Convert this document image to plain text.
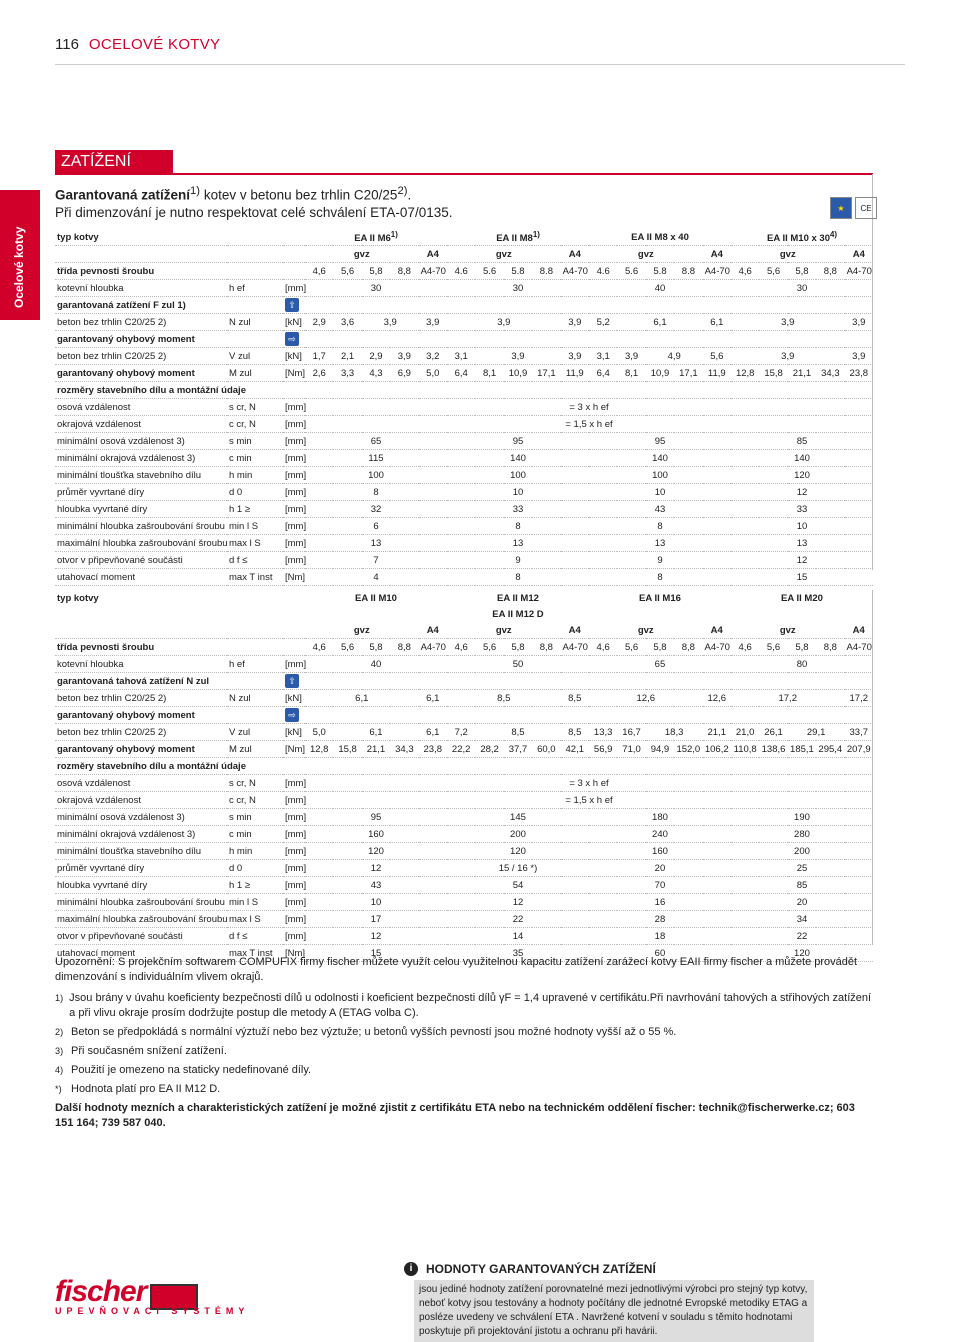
116 OCELOVÉ KOTVY
Ocelové kotvy
ZATÍŽENÍ
Garantovaná zatížení$^{1)}$ kotev v betonu bez trhlin C20/25$^{2)}$.
Při dimenzování je nutno respektovat celé schválení ETA-07/0135.	★	CE
typ kotvy			EA II M6$^{1)}$					EA II M8$^{1)}$					EA II M8 x 40					EA II M10 x 30$^{4)}$
			gvz				A4	gvz				A4	gvz				A4	gvz				A4
třída pevnosti šroubu			4,6	5,6	5,8	8,8	A4-70	4.6	5.6	5.8	8.8	A4-70	4.6	5.6	5.8	8.8	A4-70	4,6	5,6	5,8	8,8	A4-70
kotevní hloubka	h ef	[mm]	30					30					40					30				
garantovaná zatížení F zul 1)		⇧																				
beton bez trhlin C20/25 2)	N zul	[kN]	2,9	3,6	3,9		3,9	3,9				3,9	5,2	6,1			6,1	3,9				3,9
garantovaný ohybový moment		⇨																				
beton bez trhlin C20/25 2)	V zul	[kN]	1,7	2,1	2,9	3,9	3,2	3,1	3,9			3,9	3,1	3,9	4,9		5,6	3,9				3,9
garantovaný ohybový moment	M zul	[Nm]	2,6	3,3	4,3	6,9	5,0	6,4	8,1	10,9	17,1	11,9	6,4	8,1	10,9	17,1	11,9	12,8	15,8	21,1	34,3	23,8
rozměry stavebního dílu a montážní údaje																						
osová vzdálenost	s cr, N	[mm]	= 3 x h ef																			
okrajová vzdálenost	c cr, N	[mm]	= 1,5 x h ef																			
minimální osová vzdálenost 3)	s min	[mm]	65					95					95					85				
minimální okrajová vzdálenost 3)	c min	[mm]	115					140					140					140				
minimální tloušťka stavebního dílu	h min	[mm]	100					100					100					120				
průměr vyvrtané díry	d 0	[mm]	8					10					10					12				
hloubka vyvrtané díry	h 1 ≥	[mm]	32					33					43					33				
minimální hloubka zašroubování šroubu	min l S	[mm]	6					8					8					10				
maximální hloubka zašroubování šroubu	max l S	[mm]	13					13					13					13				
otvor v připevňované součásti	d f ≤	[mm]	7					9					9					12				
utahovací moment	max T inst	[Nm]	4					8					8					15				
typ kotvy			EA II M10					EA II M12					EA II M16					EA II M20				
								EA II M12 D														
			gvz				A4	gvz				A4	gvz				A4	gvz				A4
třída pevnosti šroubu			4,6	5,6	5,8	8,8	A4-70	4,6	5,6	5,8	8,8	A4-70	4,6	5,6	5,8	8,8	A4-70	4,6	5,6	5,8	8,8	A4-70
kotevní hloubka	h ef	[mm]	40					50					65					80				
garantovaná tahová zatížení N zul		⇧																				
beton bez trhlin C20/25 2)	N zul	[kN]	6,1				6,1	8,5				8,5	12,6				12,6	17,2				17,2
garantovaný ohybový moment		⇨																				
beton bez trhlin C20/25 2)	V zul	[kN]	5,0	6,1			6,1	7,2	8,5			8,5	13,3	16,7	18,3		21,1	21,0	26,1	29,1		33,7
garantovaný ohybový moment	M zul	[Nm]	12,8	15,8	21,1	34,3	23,8	22,2	28,2	37,7	60,0	42,1	56,9	71,0	94,9	152,0	106,2	110,8	138,6	185,1	295,4	207,9
rozměry stavebního dílu a montážní údaje																						
osová vzdálenost	s cr, N	[mm]	= 3 x h ef																			
okrajová vzdálenost	c cr, N	[mm]	= 1,5 x h ef																			
minimální osová vzdálenost 3)	s min	[mm]	95					145					180					190				
minimální okrajová vzdálenost 3)	c min	[mm]	160					200					240					280				
minimální tloušťka stavebního dílu	h min	[mm]	120					120					160					200				
průměr vyvrtané díry	d 0	[mm]	12					15 / 16 *)					20					25				
hloubka vyvrtané díry	h 1 ≥	[mm]	43					54					70					85				
minimální hloubka zašroubování šroubu	min l S	[mm]	10					12					16					20				
maximální hloubka zašroubování šroubu	max l S	[mm]	17					22					28					34				
otvor v připevňované součásti	d f ≤	[mm]	12					14					18					22				
utahovací moment	max T inst	[Nm]	15					35					60					120				

Upozornění: S projekčním softwarem COMPUFIX firmy fischer můžete využít celou využitelnou kapacitu zatížení zarážecí kotvy EAII firmy fischer a můžete provádět dimenzování s individuálním vlivem okrajů.

1) Jsou brány v úvahu koeficienty bezpečnosti dílů u odolnosti i koeficient bezpečnosti dílů γF = 1,4 upravené v certifikátu.Při navrhování tahových a střihových zatížení a při vlivu okraje prosím dodržujte postup dle metody A (ETAG volba C).
2) Beton se předpokládá s normální výztuží nebo bez výztuže; u betonů vyšších pevností jsou možné hodnoty vyšší až o 55 %.
3) Při současném snížení zatížení.
4) Použití je omezeno na staticky nedefinované díly.
*) Hodnota platí pro EA II M12 D.

Další hodnoty mezních a charakteristických zatížení je možné zjistit z certifikátu ETA nebo na technickém oddělení fischer: technik@fischerwerke.cz; 603 151 164; 739 587 040.

fischer
UPEVŇOVACÍ SYSTÉMY
i	HODNOTY GARANTOVANÝCH ZATÍŽENÍ
jsou jediné hodnoty zatížení porovnatelné mezi jednotlivými výrobci pro stejný typ kotvy, neboť kotvy jsou testovány a hodnoty počítány dle jednotné Evropské metodiky ETAG a posléze uvedeny ve schválení ETA . Navržené kotvení v souladu s těmito hodnotami poskytuje při projektování jistotu a ochranu při havárii.
